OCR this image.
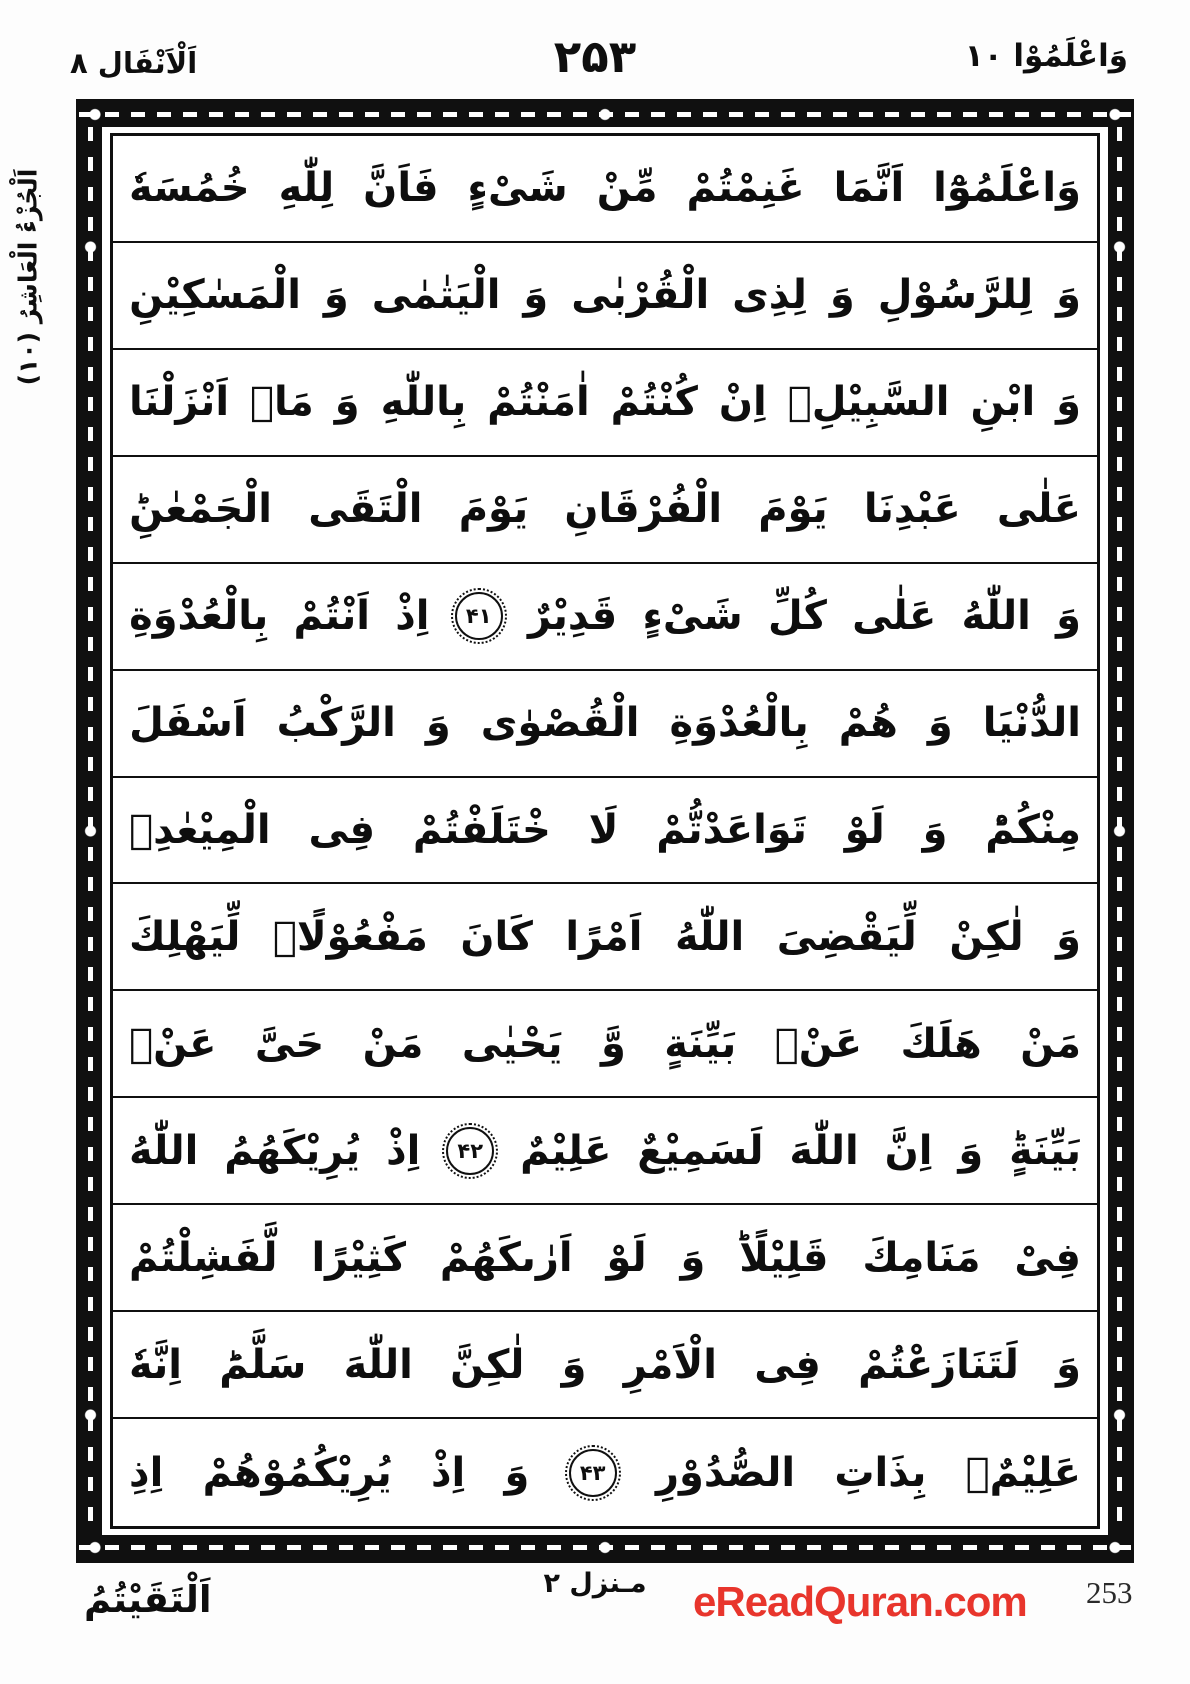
وَاعْلَمُوْا ۱۰
۲۵۳
اَلْاَنْفَال ۸
اَلْجُزْءُ الْعَاشِرُ (۱۰)	وَاعْلَمُوْٓا
اَنَّمَا
غَنِمْتُمْ
مِّنْ
شَیْءٍ
فَاَنَّ
لِلّٰهِ
خُمُسَهٗ
وَ
لِلرَّسُوْلِ
وَ
لِذِی
الْقُرْبٰی
وَ
الْیَتٰمٰی
وَ
الْمَسٰكِیْنِ
وَ
ابْنِ
السَّبِیْلِۙ
اِنْ
كُنْتُمْ
اٰمَنْتُمْ
بِاللّٰهِ
وَ
مَاۤ
اَنْزَلْنَا
عَلٰی
عَبْدِنَا
یَوْمَ
الْفُرْقَانِ
یَوْمَ
الْتَقَی
الْجَمْعٰنِؕ
وَ
اللّٰهُ
عَلٰی
كُلِّ
شَیْءٍ
قَدِیْرٌ
۴۱
اِذْ
اَنْتُمْ
بِالْعُدْوَةِ
الدُّنْیَا
وَ
هُمْ
بِالْعُدْوَةِ
الْقُصْوٰی
وَ
الرَّكْبُ
اَسْفَلَ
مِنْكُمْؕ
وَ
لَوْ
تَوَاعَدْتُّمْ
لَا
خْتَلَفْتُمْ
فِی
الْمِیْعٰدِۙ
وَ
لٰكِنْ
لِّیَقْضِیَ
اللّٰهُ
اَمْرًا
كَانَ
مَفْعُوْلًاۙ
لِّیَهْلِكَ
مَنْ
هَلَكَ
عَنْۢ
بَیِّنَةٍ
وَّ
یَحْیٰی
مَنْ
حَیَّ
عَنْۢ
بَیِّنَةٍؕ
وَ
اِنَّ
اللّٰهَ
لَسَمِیْعٌ
عَلِیْمٌ
۴۲
اِذْ
یُرِیْكَهُمُ
اللّٰهُ
فِیْ
مَنَامِكَ
قَلِیْلًاؕ
وَ
لَوْ
اَرٰىكَهُمْ
كَثِیْرًا
لَّفَشِلْتُمْ
وَ
لَتَنَازَعْتُمْ
فِی
الْاَمْرِ
وَ
لٰكِنَّ
اللّٰهَ
سَلَّمَؕ
اِنَّهٗ
عَلِیْمٌۢ
بِذَاتِ
الصُّدُوْرِ
۴۳
وَ
اِذْ
یُرِیْكُمُوْهُمْ
اِذِ
اَلْتَقَیْتُمُ	مـنزل ۲ eReadQuran.com 253
